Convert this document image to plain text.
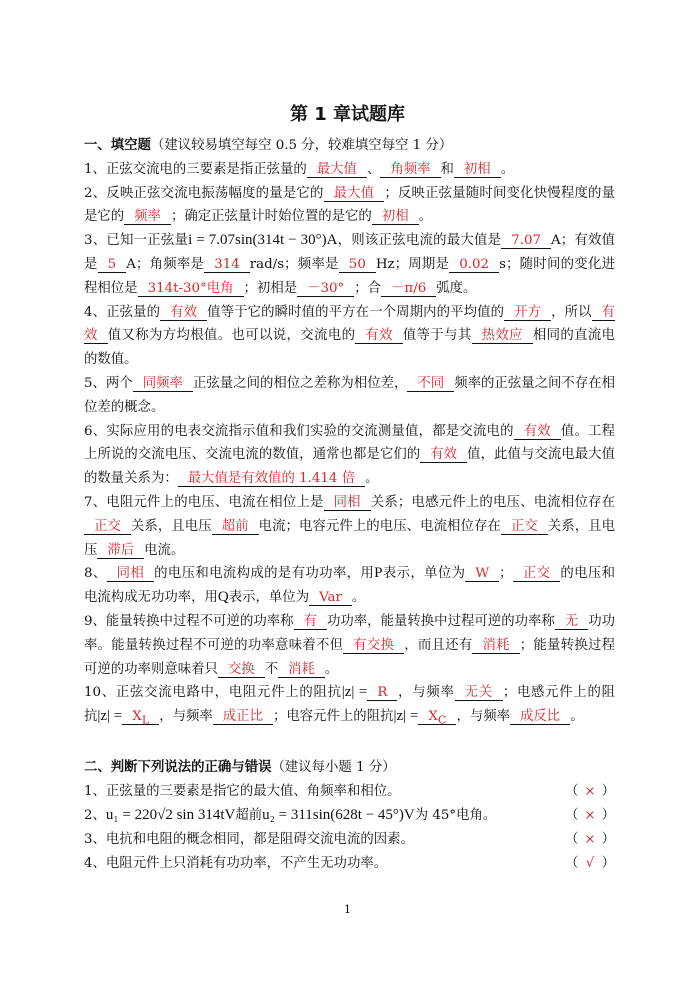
第 1 章试题库

一、填空题（建议较易填空每空 0.5 分，较难填空每空 1 分）

1、正弦交流电的三要素是指正弦量的 最大值 、 角频率 和 初相 。

2、反映正弦交流电振荡幅度的量是它的 最大值 ；反映正弦量随时间变化快慢程度的量是它的 频率 ；确定正弦量计时始位置的是它的 初相 。

3、已知一正弦量i = 7.07sin(314t − 30°)A，则该正弦电流的最大值是 7.07 A；有效值是 5 A；角频率是 314 rad/s；频率是 50 Hz；周期是 0.02 s；随时间的变化进程相位是 314t-30°电角 ；初相是 －30° ；合 －π/6 弧度。

4、正弦量的 有效 值等于它的瞬时值的平方在一个周期内的平均值的 开方 ，所以 有效 值又称为方均根值。也可以说，交流电的 有效 值等于与其 热效应 相同的直流电的数值。

5、两个 同频率 正弦量之间的相位之差称为相位差， 不同 频率的正弦量之间不存在相位差的概念。

6、实际应用的电表交流指示值和我们实验的交流测量值，都是交流电的 有效 值。工程上所说的交流电压、交流电流的数值，通常也都是它们的 有效 值，此值与交流电最大值的数量关系为： 最大值是有效值的 1.414 倍 。

7、电阻元件上的电压、电流在相位上是 同相 关系；电感元件上的电压、电流相位存在正交 关系，且电压 超前 电流；电容元件上的电压、电流相位存在 正交 关系，且电压 滞后 电流。

8、 同相 的电压和电流构成的是有功功率，用P表示，单位为 W ； 正交 的电压和电流构成无功功率，用Q表示，单位为 Var 。

9、能量转换中过程不可逆的功率称 有 功功率，能量转换中过程可逆的功率称 无 功功率。能量转换过程不可逆的功率意味着不但 有交换 ，而且还有 消耗 ；能量转换过程可逆的功率则意味着只 交换 不 消耗 。

10、正弦交流电路中，电阻元件上的阻抗|z| = R ，与频率 无关 ；电感元件上的阻抗$|z| = X_L$ ，与频率 成正比 ；电容元件上的阻抗$|z| = X_C$ ，与频率 成反比 。

二、判断下列说法的正确与错误（建议每小题 1 分）

1、正弦量的三要素是指它的最大值、角频率和相位。	（ × ）
2、u₁ = 220√2 sin 314tV超前u₂ = 311sin(628t − 45°)V为 45°电角。	（ × ）
3、电抗和电阻的概念相同，都是阻碍交流电流的因素。	（ × ）
4、电阻元件上只消耗有功功率，不产生无功功率。	（ √ ）
1
